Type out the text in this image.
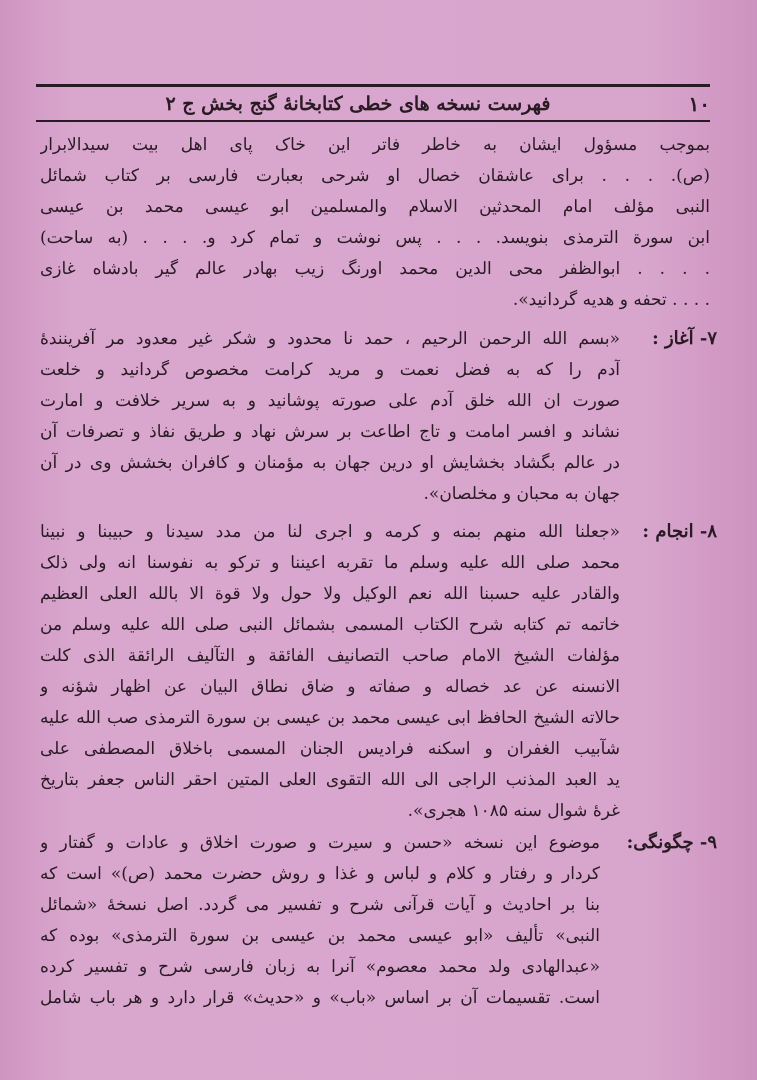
۱۰
فهرست نسخه های خطی کتابخانهٔ گنج بخش ج ۲
بموجب مسؤول ایشان به خاطر فاتر این خاک پای اهل بیت سیدالابرار
(ص). . . . برای عاشقان خصال او شرحی بعبارت فارسی بر کتاب شمائل
النبی مؤلف امام المحدثین الاسلام والمسلمین ابو عیسی محمد بن عیسی
ابن سورة الترمذی بنویسد. . . . پس نوشت و تمام کرد و. . . . (به ساحت)
. . . . ابوالظفر محی الدین محمد اورنگ زیب بهادر عالم گیر بادشاه غازی
. . . . تحفه و هدیه گردانید».
۷- آغاز :
«بسم الله الرحمن الرحیم ، حمد نا محدود و شکر غیر معدود مر آفرینندهٔ
آدم را که به فضل نعمت و مرید کرامت مخصوص گردانید و خلعت
صورت ان الله خلق آدم علی صورته پوشانید و به سریر خلافت و امارت
نشاند و افسر امامت و تاج اطاعت بر سرش نهاد و طریق نفاذ و تصرفات آن
در عالم بگشاد بخشایش او درین جهان به مؤمنان و کافران بخشش وی در آن
جهان به محبان و مخلصان».
۸- انجام :
«جعلنا الله منهم بمنه و کرمه و اجری لنا من مدد سیدنا و حبیبنا و نبینا
محمد صلی الله علیه وسلم ما تقربه اعیننا و ترکو به نفوسنا انه ولی ذلک
والقادر علیه حسبنا الله نعم الوکیل ولا حول ولا قوة الا بالله العلی العظیم
خاتمه تم کتابه شرح الکتاب المسمی بشمائل النبی صلی الله علیه وسلم من
مؤلفات الشیخ الامام صاحب التصانیف الفائقة و التآلیف الرائقة الذی کلت
الانسنه عن عد خصاله و صفاته و ضاق نطاق البیان عن اظهار شؤنه و
حالاته الشیخ الحافظ ابی عیسی محمد بن عیسی بن سورة الترمذی صب الله علیه
شآبیب الغفران و اسکنه فرادیس الجنان المسمی باخلاق المصطفی علی
ید العبد المذنب الراجی الی الله التقوی العلی المتین احقر الناس جعفر بتاریخ
غرهٔ شوال سنه ۱۰۸۵ هجری».
۹- چگونگی:
موضوع این نسخه «حسن و سیرت و صورت اخلاق و عادات و گفتار و
کردار و رفتار و کلام و لباس و غذا و روش حضرت محمد (ص)» است که
بنا بر احادیث و آیات قرآنی شرح و تفسیر می گردد. اصل نسخهٔ «شمائل
النبی» تألیف «ابو عیسی محمد بن عیسی بن سورة الترمذی» بوده که
«عبدالهادی ولد محمد معصوم» آنرا به زبان فارسی شرح و تفسیر کرده
است. تقسیمات آن بر اساس «باب» و «حدیث» قرار دارد و هر باب شامل
